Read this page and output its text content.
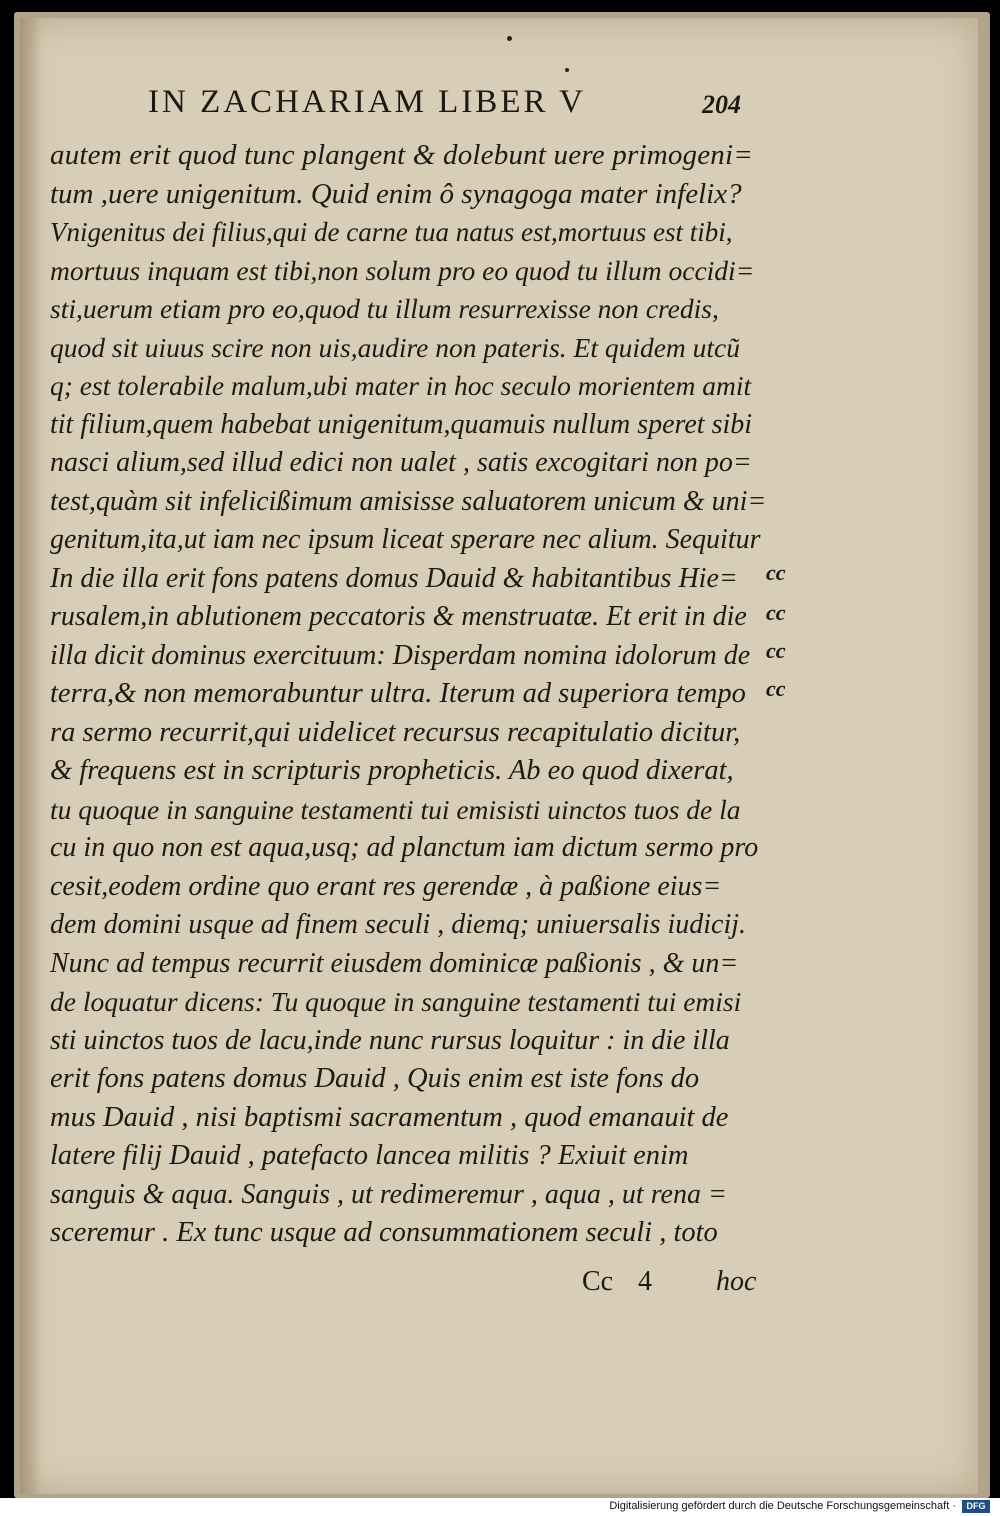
IN ZACHARIAM LIBER V	204
autem erit quod tunc plangent & dolebunt uere primogeni=
tum ,uere unigenitum. Quid enim ô synagoga mater infelix?
Vnigenitus dei filius,qui de carne tua natus est,mortuus est tibi,
mortuus inquam est tibi,non solum pro eo quod tu illum occidi=
sti,uerum etiam pro eo,quod tu illum resurrexisse non credis,
quod sit uiuus scire non uis,audire non pateris. Et quidem utcũ
q; est tolerabile malum,ubi mater in hoc seculo morientem amit
tit filium,quem habebat unigenitum,quamuis nullum speret sibi
nasci alium,sed illud edici non ualet , satis excogitari non po=
test,quàm sit infelicißimum amisisse saluatorem unicum & uni=
genitum,ita,ut iam nec ipsum liceat sperare nec alium. Sequitur
In die illa erit fons patens domus Dauid & habitantibus Hie=
rusalem,in ablutionem peccatoris & menstruatæ. Et erit in die
illa dicit dominus exercituum: Disperdam nomina idolorum de
terra,& non memorabuntur ultra. Iterum ad superiora tempo
ra sermo recurrit,qui uidelicet recursus recapitulatio dicitur,
& frequens est in scripturis propheticis. Ab eo quod dixerat,
tu quoque in sanguine testamenti tui emisisti uinctos tuos de la
cu in quo non est aqua,usq; ad planctum iam dictum sermo pro
cesit,eodem ordine quo erant res gerendæ , à paßione eius=
dem domini usque ad finem seculi , diemq; uniuersalis iudicij.
Nunc ad tempus recurrit eiusdem dominicæ paßionis , & un=
de loquatur dicens: Tu quoque in sanguine testamenti tui emisi
sti uinctos tuos de lacu,inde nunc rursus loquitur : in die illa
erit fons patens domus Dauid , Quis enim est iste fons do
mus Dauid , nisi baptismi sacramentum , quod emanauit de
latere filij Dauid , patefacto lancea militis ? Exiuit enim
sanguis & aqua. Sanguis , ut redimeremur , aqua , ut rena =
sceremur . Ex tunc usque ad consummationem seculi , toto
cc
cc
cc
cc
Cc 4 hoc
Digitalisierung gefördert durch die Deutsche Forschungsgemeinschaft ·	DFG
